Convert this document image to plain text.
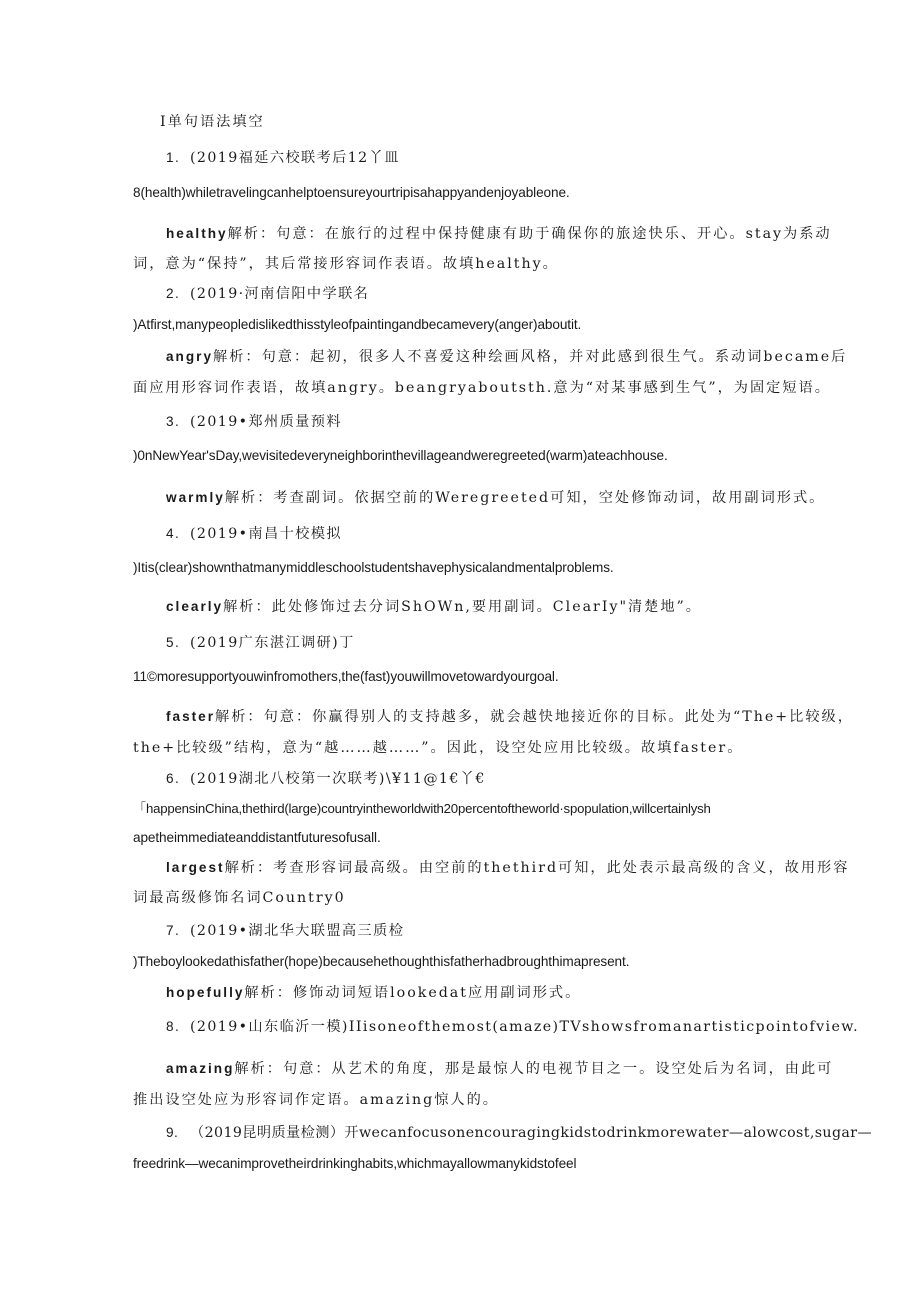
I单句语法填空
1. (2019福延六校联考后12丫皿
8(health)whiletravelingcanhelptoensureyourtripisahappyandenjoyableone.
healthy解析：句意：在旅行的过程中保持健康有助于确保你的旅途快乐、开心。stay为系动
词，意为“保持”，其后常接形容词作表语。故填healthy。
2. (2019·河南信阳中学联名
)Atfirst,manypeopledislikedthisstyleofpaintingandbecamevery(anger)aboutit.
angry解析：句意：起初，很多人不喜爱这种绘画风格，并对此感到很生气。系动词became后
面应用形容词作表语，故填angry。beangryaboutsth.意为“对某事感到生气”，为固定短语。
3. (2019•郑州质量预料
)0nNewYear'sDay,wevisitedeveryneighborinthevillageandweregreeted(warm)ateachhouse.
warmly解析：考查副词。依据空前的Weregreeted可知，空处修饰动词，故用副词形式。
4. (2019•南昌十校模拟
)Itis(clear)shownthatmanymiddleschoolstudentshavephysicalandmentalproblems.
clearly解析：此处修饰过去分词ShOWn,要用副词。ClearIy"清楚地”。
5. (2019广东湛江调研)丁
11©moresupportyouwinfromothers,the(fast)youwillmovetowardyourgoal.
faster解析：句意：你赢得别人的支持越多，就会越快地接近你的目标。此处为“The+比较级，
the+比较级”结构，意为“越……越……”。因此，设空处应用比较级。故填faster。
6. (2019湖北八校第一次联考)\¥11@1€丫€
「happensinChina,thethird(large)countryintheworldwith20percentoftheworld·spopulation,willcertainlysh
apetheimmediateanddistantfuturesofusall.
largest解析：考查形容词最高级。由空前的thethird可知，此处表示最高级的含义，故用形容
词最高级修饰名词Country0
7. (2019•湖北华大联盟高三质检
)Theboylookedathisfather(hope)becausehethoughthisfatherhadbroughthimapresent.
hopefully解析：修饰动词短语lookedat应用副词形式。
8. (2019•山东临沂一模)IIisoneofthemost(amaze)TVshowsfromanartisticpointofview.
amazing解析：句意：从艺术的角度，那是最惊人的电视节目之一。设空处后为名词，由此可
推出设空处应为形容词作定语。amazing惊人的。
9. （2019昆明质量检测）开wecanfocusonencouragingkidstodrinkmorewater—alowcost,sugar—
freedrink—wecanimprovetheirdrinkinghabits,whichmayallowmanykidstofeel
